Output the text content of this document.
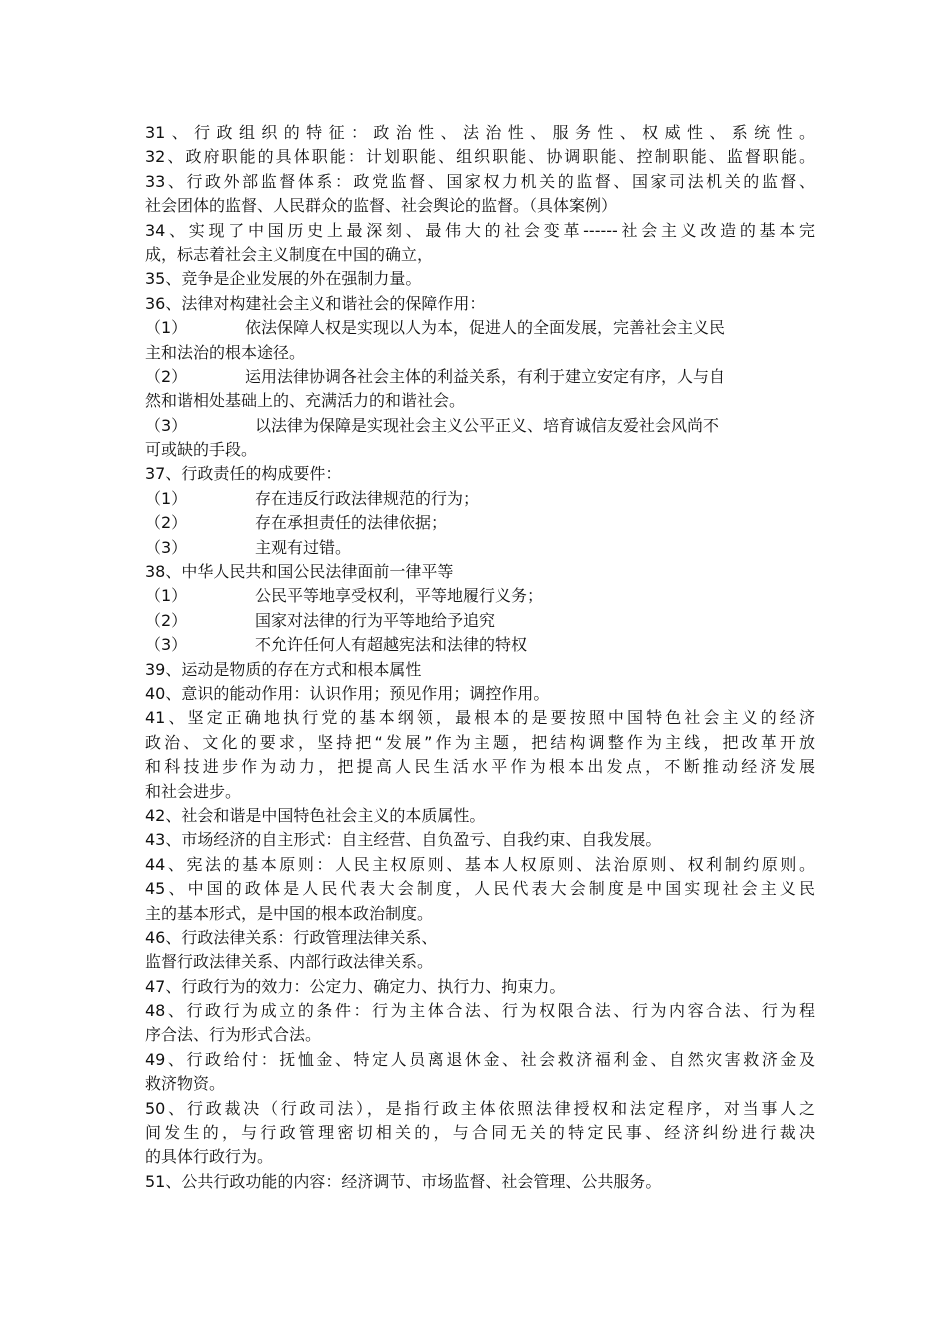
31、行政组织的特征：政治性、法治性、服务性、权威性、系统性。
32、政府职能的具体职能：计划职能、组织职能、协调职能、控制职能、监督职能。
33、行政外部监督体系：政党监督、国家权力机关的监督、国家司法机关的监督、
社会团体的监督、人民群众的监督、社会舆论的监督。（具体案例）
34、实现了中国历史上最深刻、最伟大的社会变革------社会主义改造的基本完
成，标志着社会主义制度在中国的确立，
35、竞争是企业发展的外在强制力量。
36、法律对构建社会主义和谐社会的保障作用：
（1）	依法保障人权是实现以人为本，促进人的全面发展，完善社会主义民
主和法治的根本途径。
（2）	运用法律协调各社会主体的利益关系，有利于建立安定有序，人与自
然和谐相处基础上的、充满活力的和谐社会。
（3）	以法律为保障是实现社会主义公平正义、培育诚信友爱社会风尚不
可或缺的手段。
37、行政责任的构成要件：
（1）	存在违反行政法律规范的行为；
（2）	存在承担责任的法律依据；
（3）	主观有过错。
38、中华人民共和国公民法律面前一律平等
（1）	公民平等地享受权利，平等地履行义务；
（2）	国家对法律的行为平等地给予追究
（3）	不允许任何人有超越宪法和法律的特权
39、运动是物质的存在方式和根本属性
40、意识的能动作用：认识作用；预见作用；调控作用。
41、坚定正确地执行党的基本纲领，最根本的是要按照中国特色社会主义的经济
政治、文化的要求，坚持把“发展”作为主题，把结构调整作为主线，把改革开放
和科技进步作为动力，把提高人民生活水平作为根本出发点，不断推动经济发展
和社会进步。
42、社会和谐是中国特色社会主义的本质属性。
43、市场经济的自主形式：自主经营、自负盈亏、自我约束、自我发展。
44、宪法的基本原则：人民主权原则、基本人权原则、法治原则、权利制约原则。
45、中国的政体是人民代表大会制度，人民代表大会制度是中国实现社会主义民
主的基本形式，是中国的根本政治制度。
46、行政法律关系：行政管理法律关系、
监督行政法律关系、内部行政法律关系。
47、行政行为的效力：公定力、确定力、执行力、拘束力。
48、行政行为成立的条件：行为主体合法、行为权限合法、行为内容合法、行为程
序合法、行为形式合法。
49、行政给付：抚恤金、特定人员离退休金、社会救济福利金、自然灾害救济金及
救济物资。
50、行政裁决（行政司法），是指行政主体依照法律授权和法定程序，对当事人之
间发生的，与行政管理密切相关的，与合同无关的特定民事、经济纠纷进行裁决
的具体行政行为。
51、公共行政功能的内容：经济调节、市场监督、社会管理、公共服务。
